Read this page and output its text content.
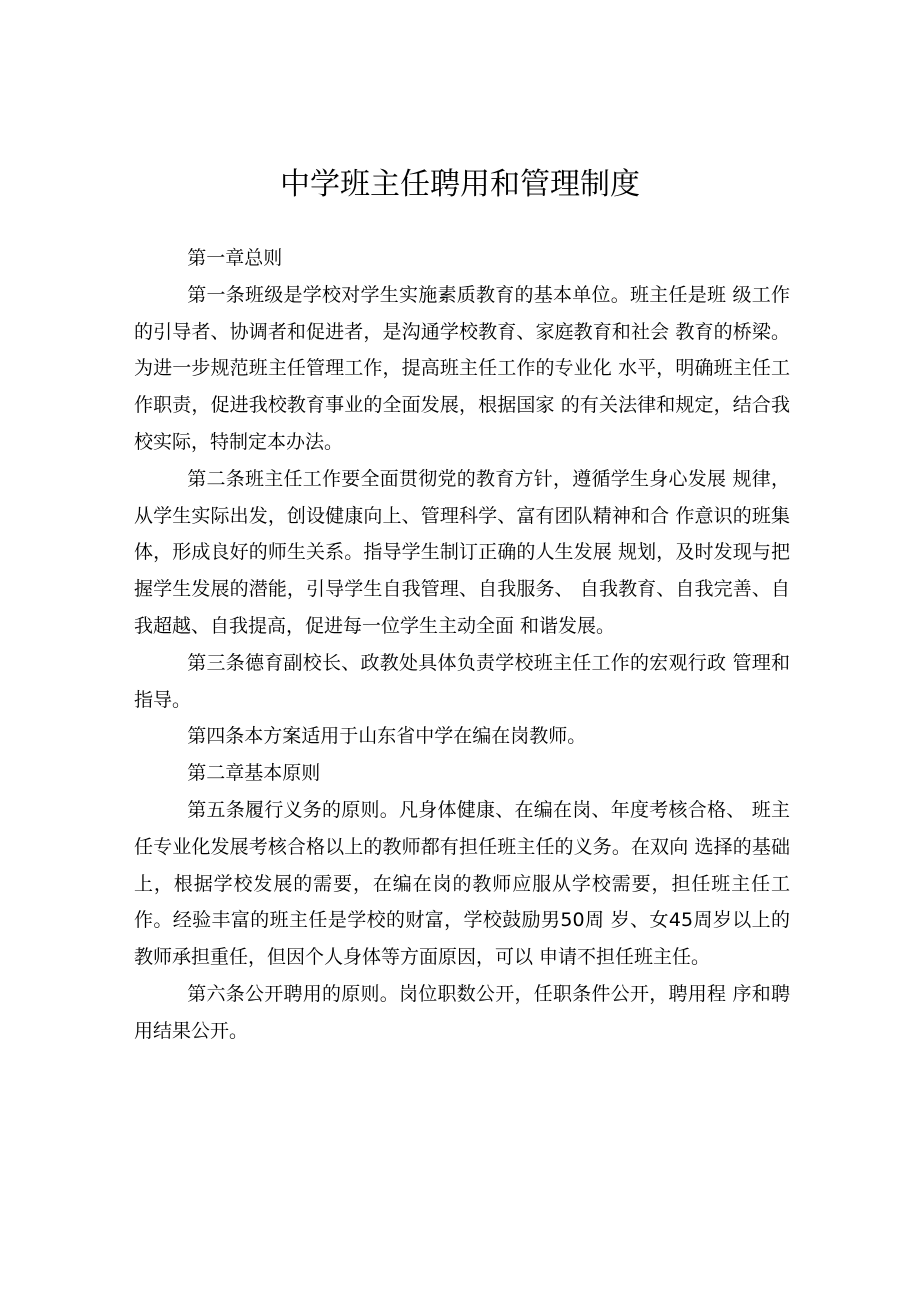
中学班主任聘用和管理制度

第一章总则

第一条班级是学校对学生实施素质教育的基本单位。班主任是班 级工作的引导者、协调者和促进者，是沟通学校教育、家庭教育和社会 教育的桥梁。为进一步规范班主任管理工作，提高班主任工作的专业化 水平，明确班主任工作职责，促进我校教育事业的全面发展，根据国家 的有关法律和规定，结合我校实际，特制定本办法。

第二条班主任工作要全面贯彻党的教育方针，遵循学生身心发展 规律，从学生实际出发，创设健康向上、管理科学、富有团队精神和合 作意识的班集体，形成良好的师生关系。指导学生制订正确的人生发展 规划，及时发现与把握学生发展的潜能，引导学生自我管理、自我服务、 自我教育、自我完善、自我超越、自我提高，促进每一位学生主动全面 和谐发展。

第三条德育副校长、政教处具体负责学校班主任工作的宏观行政 管理和指导。

第四条本方案适用于山东省中学在编在岗教师。

第二章基本原则

第五条履行义务的原则。凡身体健康、在编在岗、年度考核合格、 班主任专业化发展考核合格以上的教师都有担任班主任的义务。在双向 选择的基础上，根据学校发展的需要，在编在岗的教师应服从学校需要，担任班主任工作。经验丰富的班主任是学校的财富，学校鼓励男50周 岁、女45周岁以上的教师承担重任，但因个人身体等方面原因，可以 申请不担任班主任。

第六条公开聘用的原则。岗位职数公开，任职条件公开，聘用程 序和聘用结果公开。
